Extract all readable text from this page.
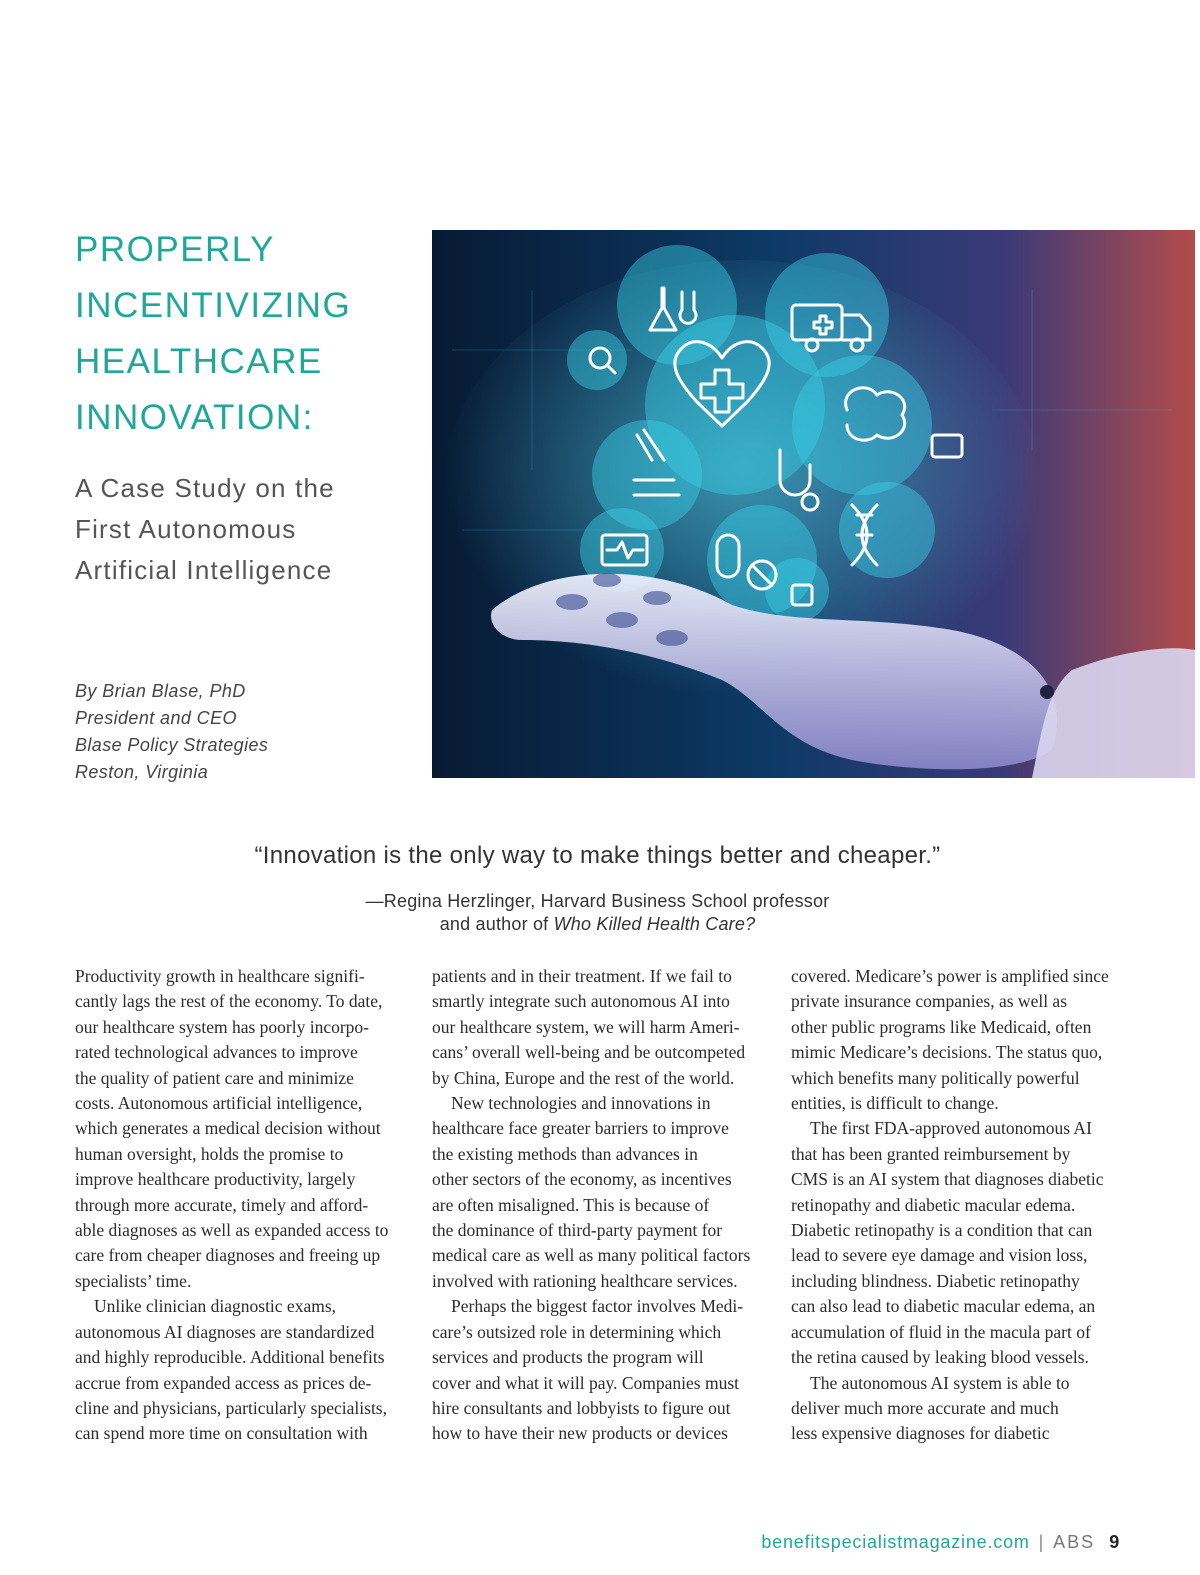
PROPERLY
INCENTIVIZING
HEALTHCARE
INNOVATION:
A Case Study on the
First Autonomous
Artificial Intelligence
By Brian Blase, PhD
President and CEO
Blase Policy Strategies
Reston, Virginia
“Innovation is the only way to make things better and cheaper.”
—Regina Herzlinger, Harvard Business School professor
and author of Who Killed Health Care?
Productivity growth in healthcare signifi-
cantly lags the rest of the economy. To date,
our healthcare system has poorly incorpo-
rated technological advances to improve
the quality of patient care and minimize
costs. Autonomous artificial intelligence,
which generates a medical decision without
human oversight, holds the promise to
improve healthcare productivity, largely
through more accurate, timely and afford-
able diagnoses as well as expanded access to
care from cheaper diagnoses and freeing up
specialists’ time.
Unlike clinician diagnostic exams,
autonomous AI diagnoses are standardized
and highly reproducible. Additional benefits
accrue from expanded access as prices de-
cline and physicians, particularly specialists,
can spend more time on consultation with
patients and in their treatment. If we fail to
smartly integrate such autonomous AI into
our healthcare system, we will harm Ameri-
cans’ overall well-being and be outcompeted
by China, Europe and the rest of the world.
New technologies and innovations in
healthcare face greater barriers to improve
the existing methods than advances in
other sectors of the economy, as incentives
are often misaligned. This is because of
the dominance of third-party payment for
medical care as well as many political factors
involved with rationing healthcare services.
Perhaps the biggest factor involves Medi-
care’s outsized role in determining which
services and products the program will
cover and what it will pay. Companies must
hire consultants and lobbyists to figure out
how to have their new products or devices
covered. Medicare’s power is amplified since
private insurance companies, as well as
other public programs like Medicaid, often
mimic Medicare’s decisions. The status quo,
which benefits many politically powerful
entities, is difficult to change.
The first FDA-approved autonomous AI
that has been granted reimbursement by
CMS is an AI system that diagnoses diabetic
retinopathy and diabetic macular edema.
Diabetic retinopathy is a condition that can
lead to severe eye damage and vision loss,
including blindness. Diabetic retinopathy
can also lead to diabetic macular edema, an
accumulation of fluid in the macula part of
the retina caused by leaking blood vessels.
The autonomous AI system is able to
deliver much more accurate and much
less expensive diagnoses for diabetic
benefitspecialistmagazine.com | ABS 9
